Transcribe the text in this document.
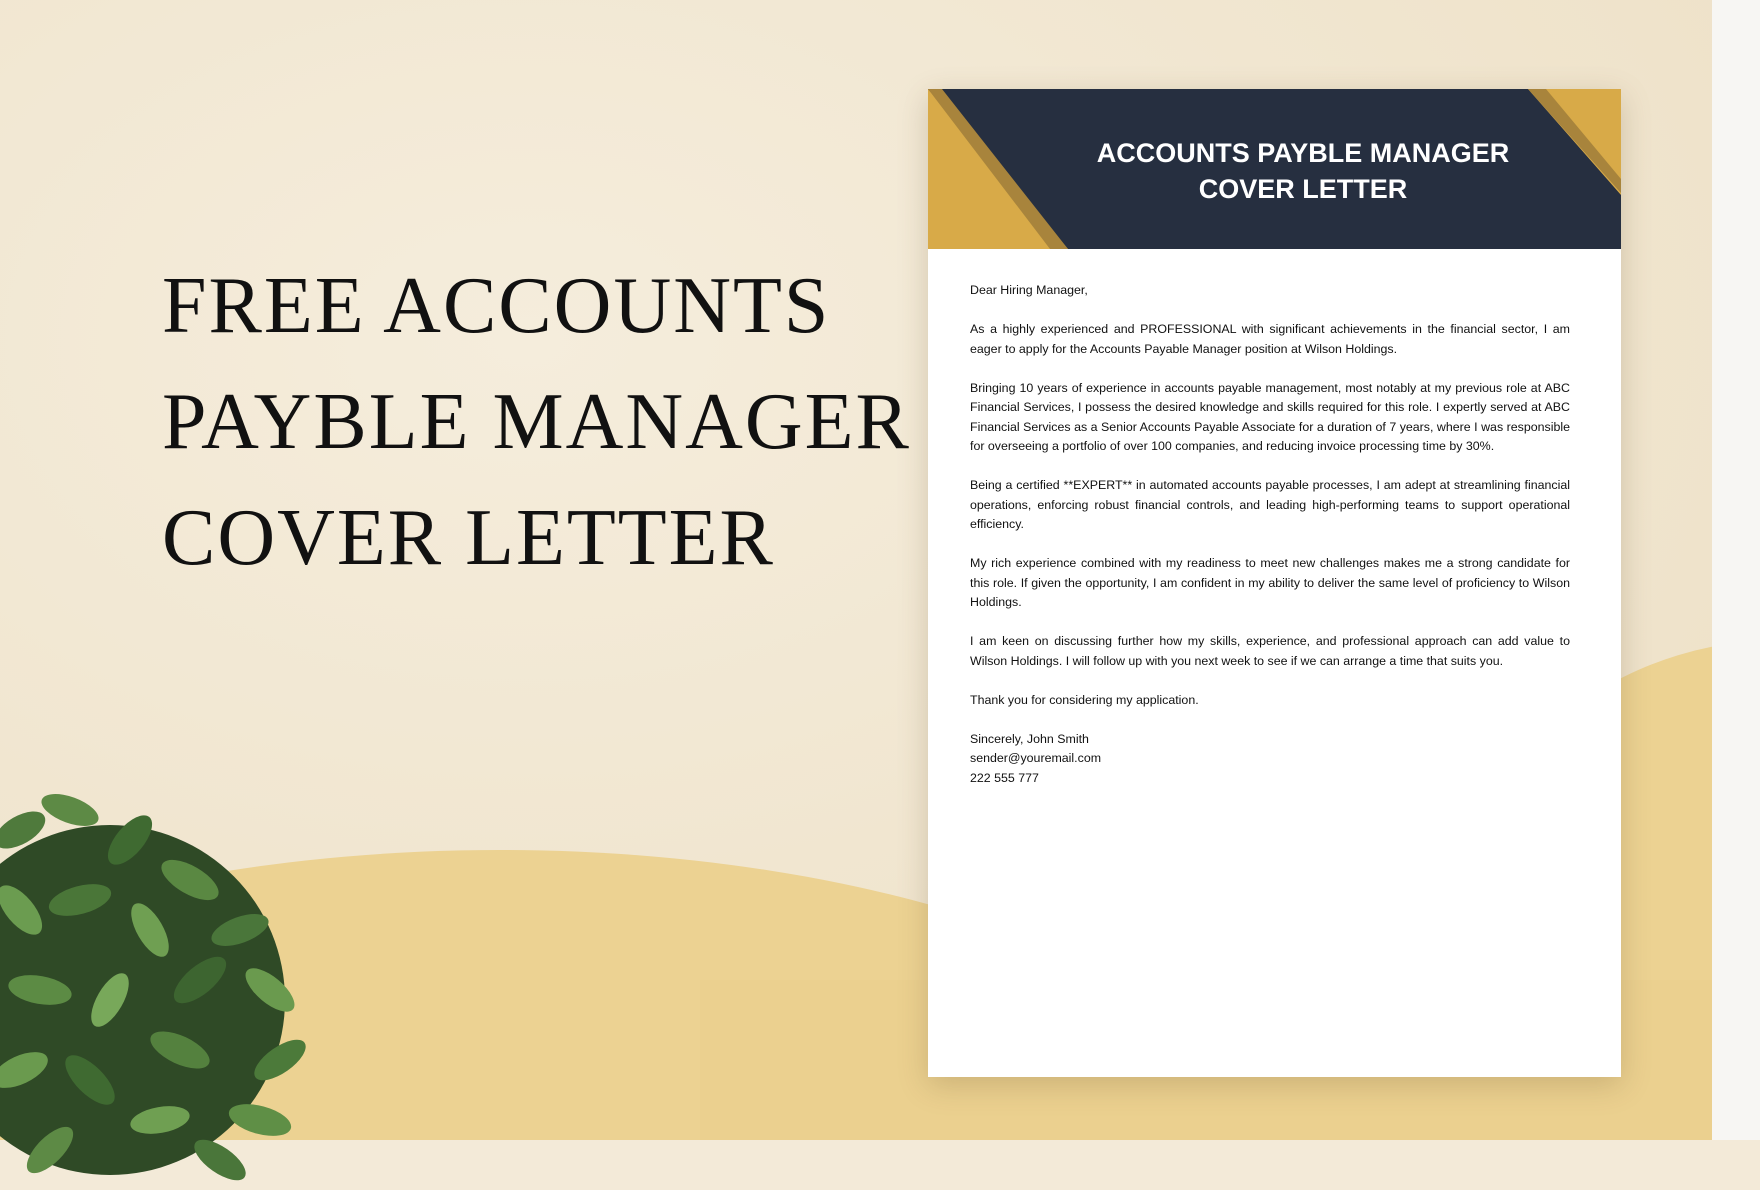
FREE ACCOUNTS
PAYBLE MANAGER
COVER LETTER
ACCOUNTS PAYBLE MANAGER
COVER LETTER

Dear Hiring Manager,

As a highly experienced and PROFESSIONAL with significant achievements in the financial sector, I am eager to apply for the Accounts Payable Manager position at Wilson Holdings.

Bringing 10 years of experience in accounts payable management, most notably at my previous role at ABC Financial Services, I possess the desired knowledge and skills required for this role. I expertly served at ABC Financial Services as a Senior Accounts Payable Associate for a duration of 7 years, where I was responsible for overseeing a portfolio of over 100 companies, and reducing invoice processing time by 30%.

Being a certified **EXPERT** in automated accounts payable processes, I am adept at streamlining financial operations, enforcing robust financial controls, and leading high-performing teams to support operational efficiency.

My rich experience combined with my readiness to meet new challenges makes me a strong candidate for this role. If given the opportunity, I am confident in my ability to deliver the same level of proficiency to Wilson Holdings.

I am keen on discussing further how my skills, experience, and professional approach can add value to Wilson Holdings. I will follow up with you next week to see if we can arrange a time that suits you.

Thank you for considering my application.

Sincerely, John Smith

sender@youremail.com

222 555 777
